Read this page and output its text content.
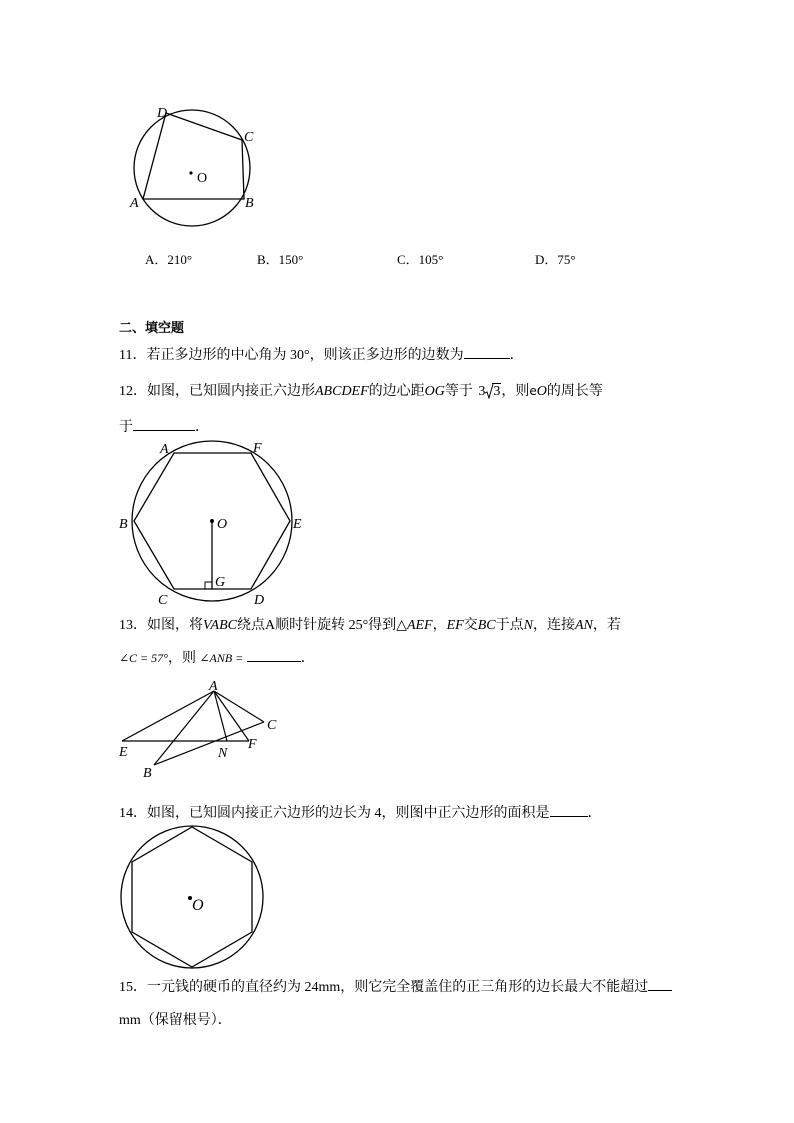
D
C
A	B
O
A．210°	B．150°	C．105°	D．75°
二、填空题
11．若正多边形的中心角为 30°，则该正多边形的边数为	．
12．如图，已知圆内接正六边形ABCDEF的边心距OG等于 3 3，则eO的周长等
于	．
A	F
B	E
C	D
O
G
13．如图，将VABC绕点A顺时针旋转 25°得到△AEF，EF交BC于点N，连接AN，若
∠C = 57°，则 ∠ANB =	．
A
C
E
F
N
B
14．如图，已知圆内接正六边形的边长为 4，则图中正六边形的面积是	．
O
15．一元钱的硬币的直径约为 24mm，则它完全覆盖住的正三角形的边长最大不能超过
mm（保留根号）．
